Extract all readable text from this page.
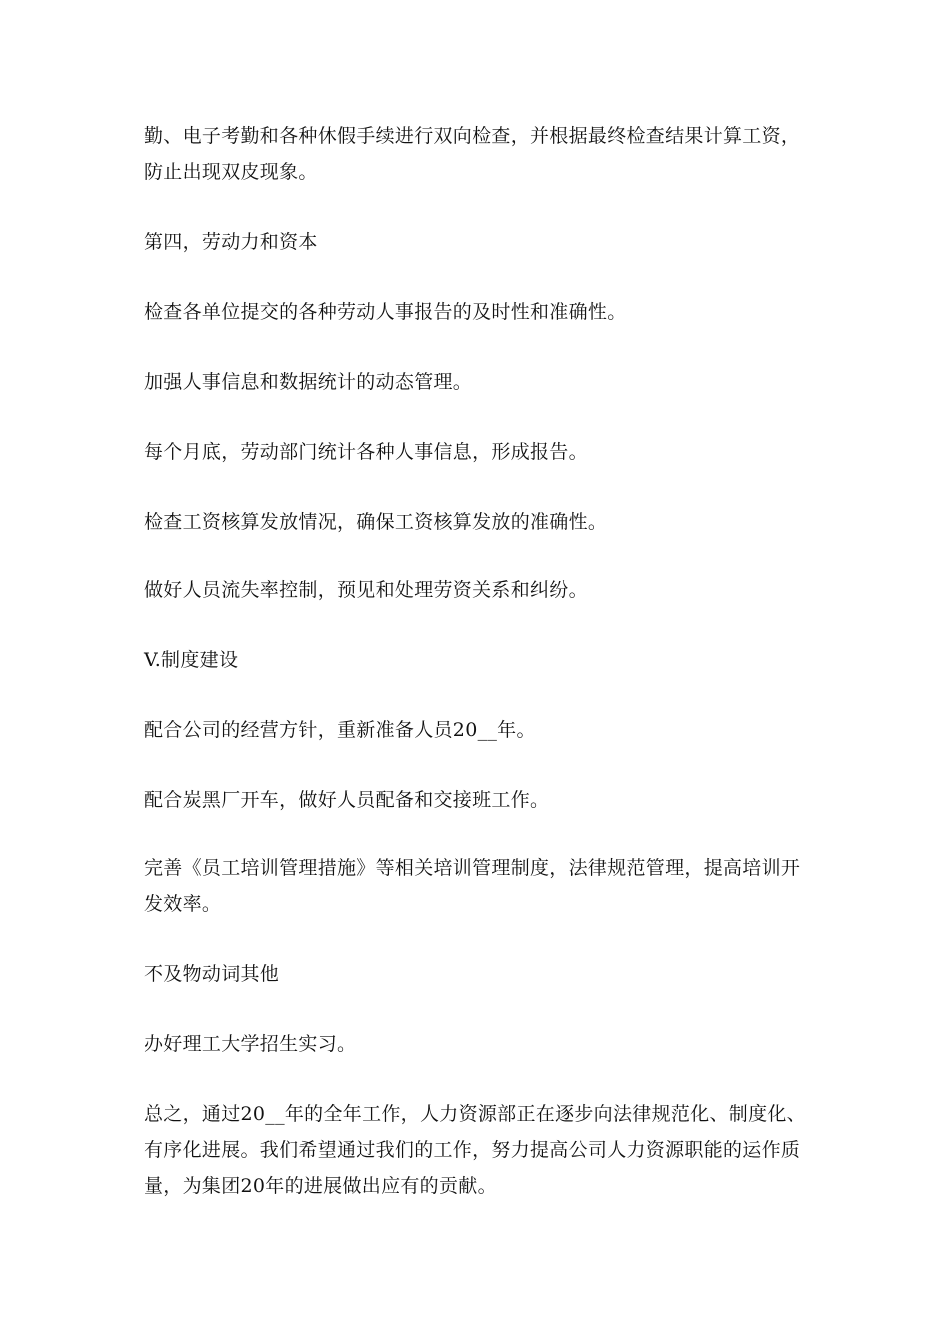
勤、电子考勤和各种休假手续进行双向检查，并根据最终检查结果计算工资，防止出现双皮现象。

第四，劳动力和资本

检查各单位提交的各种劳动人事报告的及时性和准确性。

加强人事信息和数据统计的动态管理。

每个月底，劳动部门统计各种人事信息，形成报告。

检查工资核算发放情况，确保工资核算发放的准确性。

做好人员流失率控制，预见和处理劳资关系和纠纷。

V.制度建设

配合公司的经营方针，重新准备人员20__年。

配合炭黑厂开车，做好人员配备和交接班工作。

完善《员工培训管理措施》等相关培训管理制度，法律规范管理，提高培训开发效率。

不及物动词其他

办好理工大学招生实习。

总之，通过20__年的全年工作，人力资源部正在逐步向法律规范化、制度化、有序化进展。我们希望通过我们的工作，努力提高公司人力资源职能的运作质量，为集团20年的进展做出应有的贡献。
